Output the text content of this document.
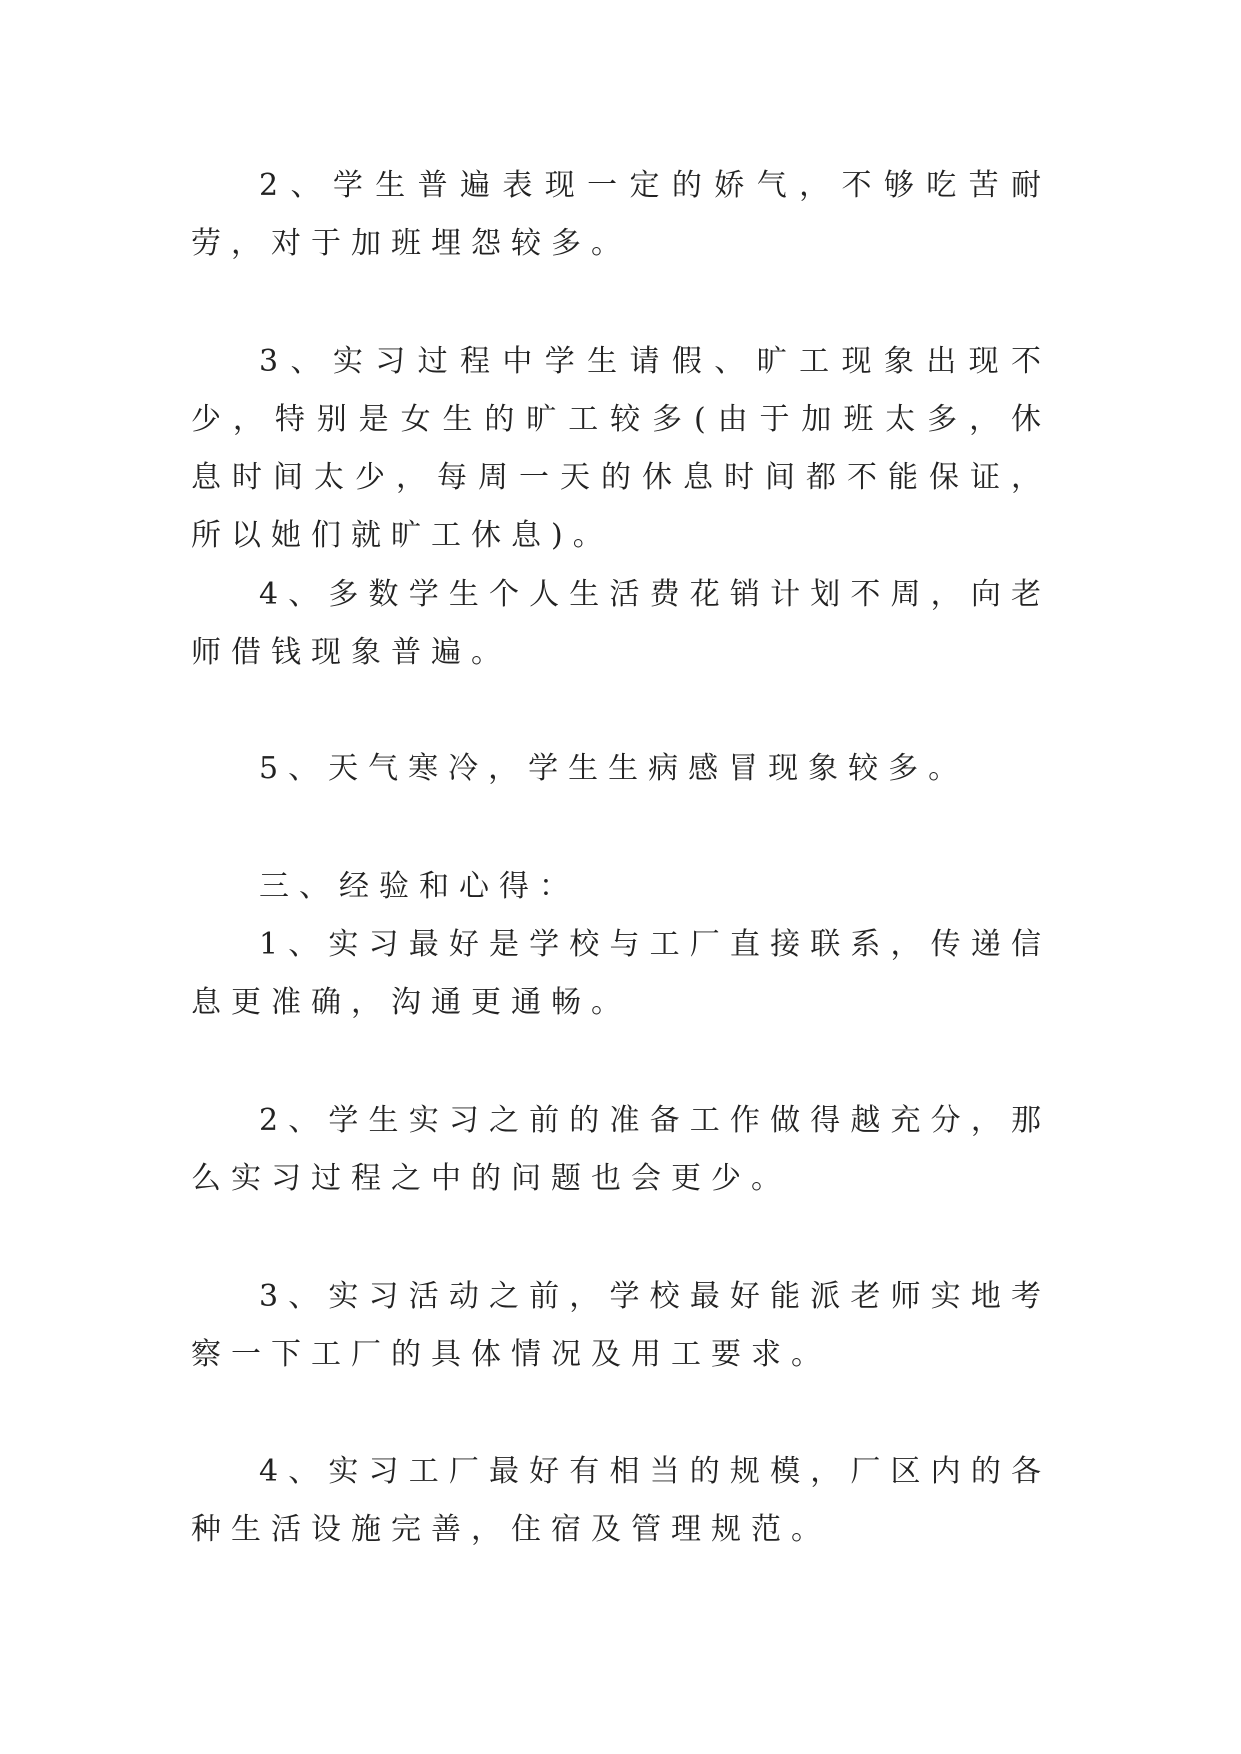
2、学生普遍表现一定的娇气，不够吃苦耐劳，对于加班埋怨较多。

3、实习过程中学生请假、旷工现象出现不少，特别是女生的旷工较多(由于加班太多，休息时间太少，每周一天的休息时间都不能保证，所以她们就旷工休息)。

4、多数学生个人生活费花销计划不周，向老师借钱现象普遍。

5、天气寒冷，学生生病感冒现象较多。

三、经验和心得：

1、实习最好是学校与工厂直接联系，传递信息更准确，沟通更通畅。

2、学生实习之前的准备工作做得越充分，那么实习过程之中的问题也会更少。

3、实习活动之前，学校最好能派老师实地考察一下工厂的具体情况及用工要求。

4、实习工厂最好有相当的规模，厂区内的各种生活设施完善，住宿及管理规范。
